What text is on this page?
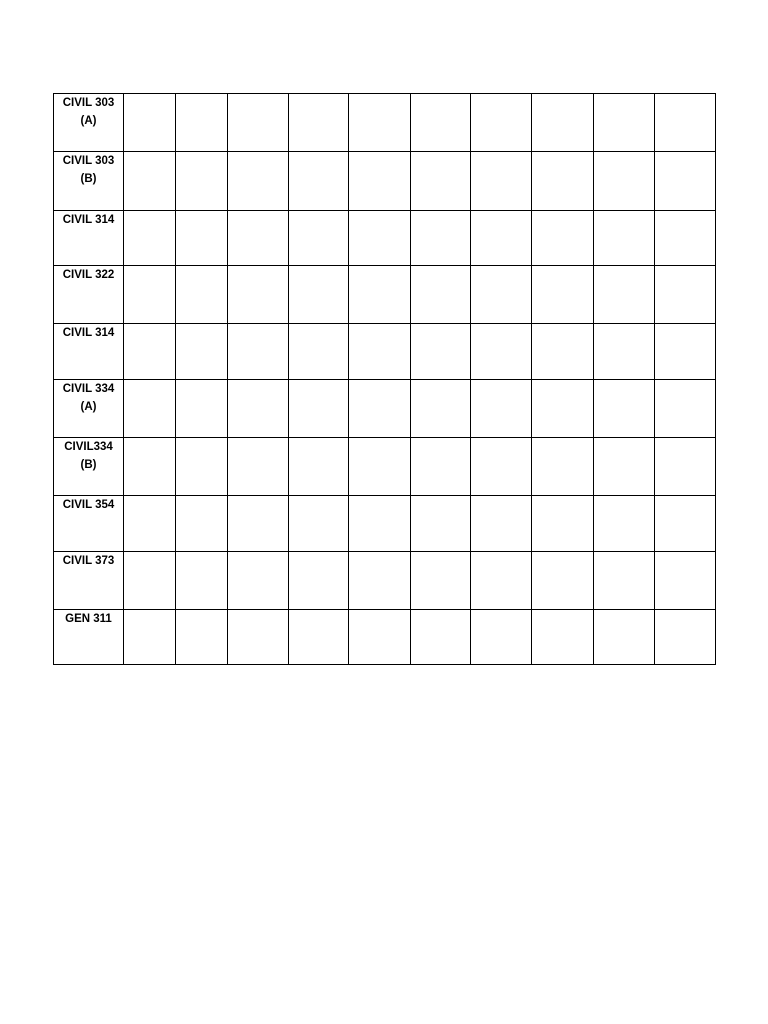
CIVIL 303
(A)										

CIVIL 303
(B)										

CIVIL 314										

CIVIL 322										

CIVIL 314										

CIVIL 334
(A)										

CIVIL334
(B)										

CIVIL 354										

CIVIL 373										

GEN 311										
